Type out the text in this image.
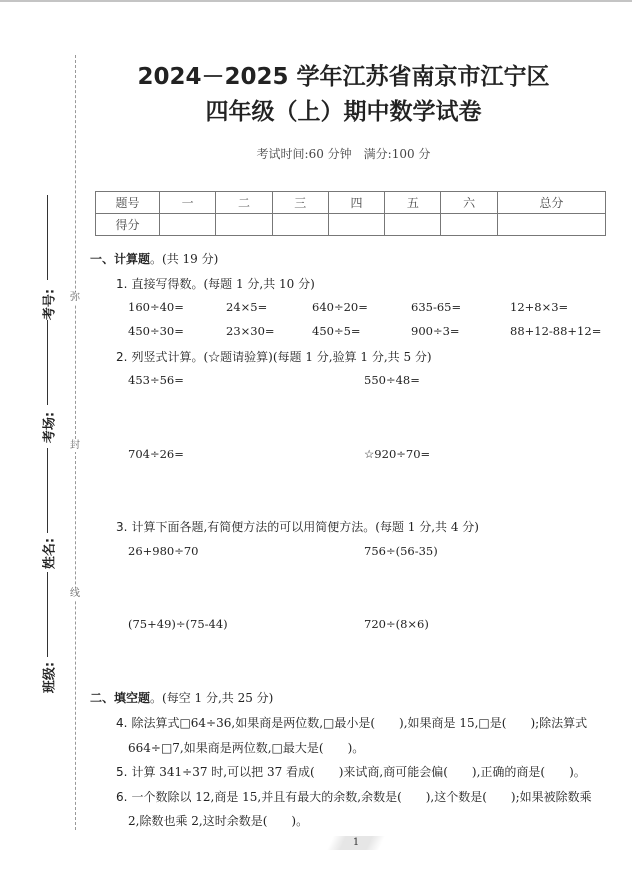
弥
封
线
考号:
考场:
姓名:
班级:
2024－2025 学年江苏省南京市江宁区
四年级（上）期中数学试卷
考试时间:60 分钟　满分:100 分
题号	一	二	三	四	五	六	总分
得分							
一、计算题。(共 19 分)
1. 直接写得数。(每题 1 分,共 10 分)
160÷40=	24×5=	640÷20=	635-65=	12+8×3=
450÷30=	23×30=	450÷5=	900÷3=	88+12-88+12=
2. 列竖式计算。(☆题请验算)(每题 1 分,验算 1 分,共 5 分)
453÷56=	550÷48=
704÷26=	☆920÷70=
3. 计算下面各题,有简便方法的可以用简便方法。(每题 1 分,共 4 分)
26+980÷70	756÷(56-35)
(75+49)÷(75-44)	720÷(8×6)
二、填空题。(每空 1 分,共 25 分)
4. 除法算式□64÷36,如果商是两位数,□最小是(　　),如果商是 15,□是(　　);除法算式
664÷□7,如果商是两位数,□最大是(　　)。
5. 计算 341÷37 时,可以把 37 看成(　　)来试商,商可能会偏(　　),正确的商是(　　)。
6. 一个数除以 12,商是 15,并且有最大的余数,余数是(　　),这个数是(　　);如果被除数乘
2,除数也乘 2,这时余数是(　　)。
1
